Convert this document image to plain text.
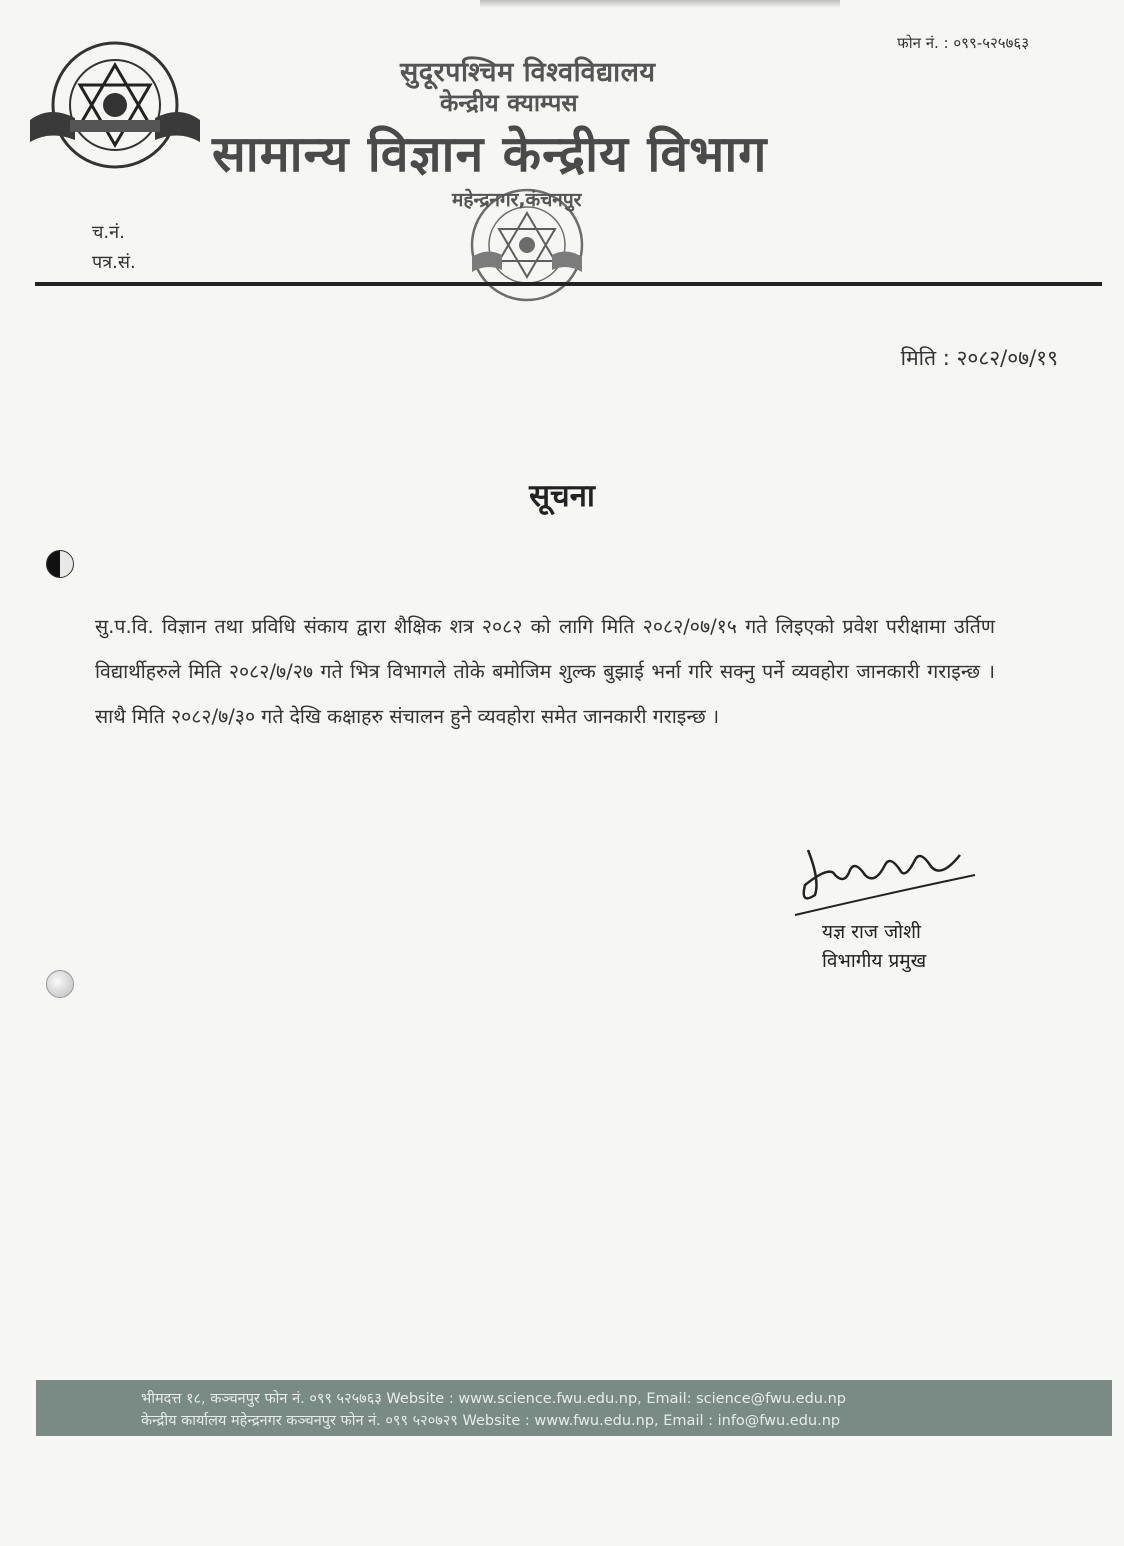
फोन नं. : ०९९-५२५७६३
सुदूरपश्चिम विश्वविद्यालय
केन्द्रीय क्याम्पस
सामान्य विज्ञान केन्द्रीय विभाग
महेन्द्रनगर,कंचनपुर
च.नं.
पत्र.सं.
मिति : २०८२/०७/१९
सूचना
सु.प.वि. विज्ञान तथा प्रविधि संकाय द्वारा शैक्षिक शत्र २०८२ को लागि मिति २०८२/०७/१५ गते लिइएको प्रवेश परीक्षामा उर्तिण विद्यार्थीहरुले मिति २०८२/७/२७ गते भित्र विभागले तोके बमोजिम शुल्क बुझाई भर्ना गरि सक्नु पर्ने व्यवहोरा जानकारी गराइन्छ । साथै मिति २०८२/७/३० गते देखि कक्षाहरु संचालन हुने व्यवहोरा समेत जानकारी गराइन्छ ।
यज्ञ राज जोशी
विभागीय प्रमुख
भीमदत्त १८, कञ्चनपुर फोन नं. ०९९ ५२५७६३ Website : www.science.fwu.edu.np, Email: science@fwu.edu.np
केन्द्रीय कार्यालय महेन्द्रनगर कञ्चनपुर फोन नं. ०९९ ५२०७२९ Website : www.fwu.edu.np, Email : info@fwu.edu.np
